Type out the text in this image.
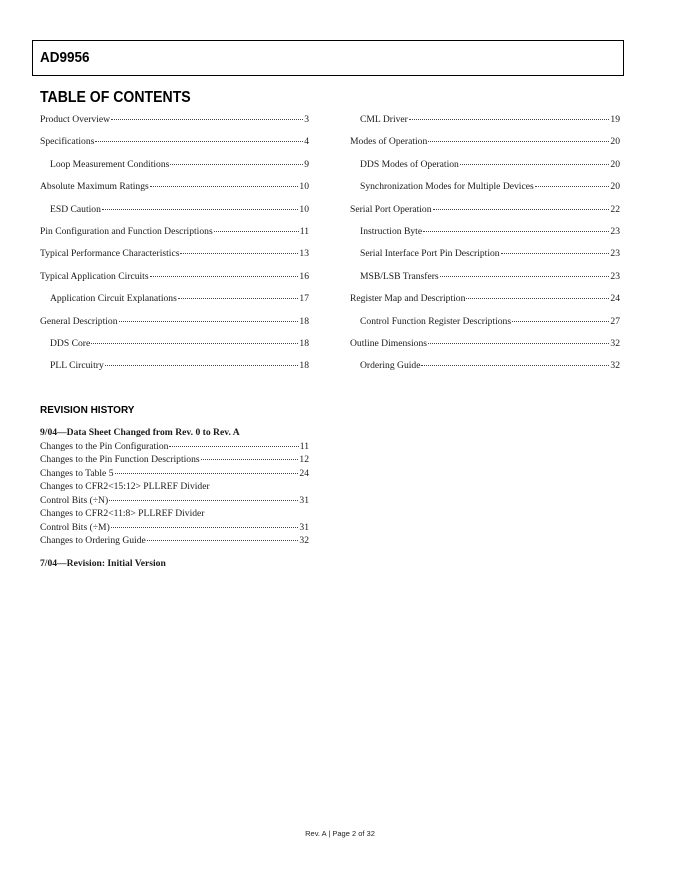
AD9956
TABLE OF CONTENTS
Product Overview	3
Specifications	4
Loop Measurement Conditions	9
Absolute Maximum Ratings	10
ESD Caution	10
Pin Configuration and Function Descriptions	11
Typical Performance Characteristics	13
Typical Application Circuits	16
Application Circuit Explanations	17
General Description	18
DDS Core	18
PLL Circuitry	18
CML Driver	19
Modes of Operation	20
DDS Modes of Operation	20
Synchronization Modes for Multiple Devices	20
Serial Port Operation	22
Instruction Byte	23
Serial Interface Port Pin Description	23
MSB/LSB Transfers	23
Register Map and Description	24
Control Function Register Descriptions	27
Outline Dimensions	32
Ordering Guide	32
REVISION HISTORY
9/04—Data Sheet Changed from Rev. 0 to Rev. A
Changes to the Pin Configuration	11
Changes to the Pin Function Descriptions	12
Changes to Table 5	24
Changes to CFR2<15:12> PLLREF Divider
Control Bits (÷N)	31
Changes to CFR2<11:8> PLLREF Divider
Control Bits (÷M)	31
Changes to Ordering Guide	32
7/04—Revision: Initial Version
Rev. A | Page 2 of 32
